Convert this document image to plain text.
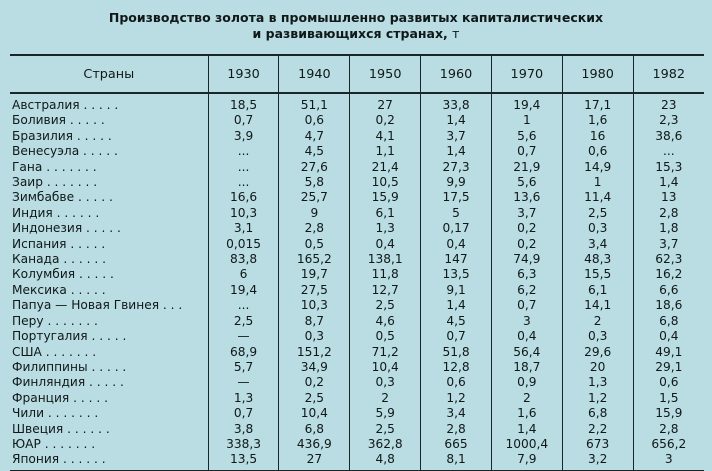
Производство золота в промышленно развитых капиталистических
и развивающихся странах, т
Страны	1930	1940	1950	1960	1970	1980	1982
Австралия . . . . .	18,5	51,1	27	33,8	19,4	17,1	23
Боливия . . . . .	0,7	0,6	0,2	1,4	1	1,6	2,3
Бразилия . . . . .	3,9	4,7	4,1	3,7	5,6	16	38,6
Венесуэла . . . . .	...	4,5	1,1	1,4	0,7	0,6	...
Гана . . . . . . .	...	27,6	21,4	27,3	21,9	14,9	15,3
Заир . . . . . . .	...	5,8	10,5	9,9	5,6	1	1,4
Зимбабве . . . . .	16,6	25,7	15,9	17,5	13,6	11,4	13
Индия . . . . . .	10,3	9	6,1	5	3,7	2,5	2,8
Индонезия . . . . .	3,1	2,8	1,3	0,17	0,2	0,3	1,8
Испания . . . . .	0,015	0,5	0,4	0,4	0,2	3,4	3,7
Канада . . . . . .	83,8	165,2	138,1	147	74,9	48,3	62,3
Колумбия . . . . .	6	19,7	11,8	13,5	6,3	15,5	16,2
Мексика . . . . .	19,4	27,5	12,7	9,1	6,2	6,1	6,6
Папуа — Новая Гвинея . . .	...	10,3	2,5	1,4	0,7	14,1	18,6
Перу . . . . . . .	2,5	8,7	4,6	4,5	3	2	6,8
Португалия . . . . .	—	0,3	0,5	0,7	0,4	0,3	0,4
США . . . . . . .	68,9	151,2	71,2	51,8	56,4	29,6	49,1
Филиппины . . . . .	5,7	34,9	10,4	12,8	18,7	20	29,1
Финляндия . . . . .	—	0,2	0,3	0,6	0,9	1,3	0,6
Франция . . . . .	1,3	2,5	2	1,2	2	1,2	1,5
Чили . . . . . . .	0,7	10,4	5,9	3,4	1,6	6,8	15,9
Швеция . . . . . .	3,8	6,8	2,5	2,8	1,4	2,2	2,8
ЮАР . . . . . . .	338,3	436,9	362,8	665	1000,4	673	656,2
Япония . . . . . .	13,5	27	4,8	8,1	7,9	3,2	3
